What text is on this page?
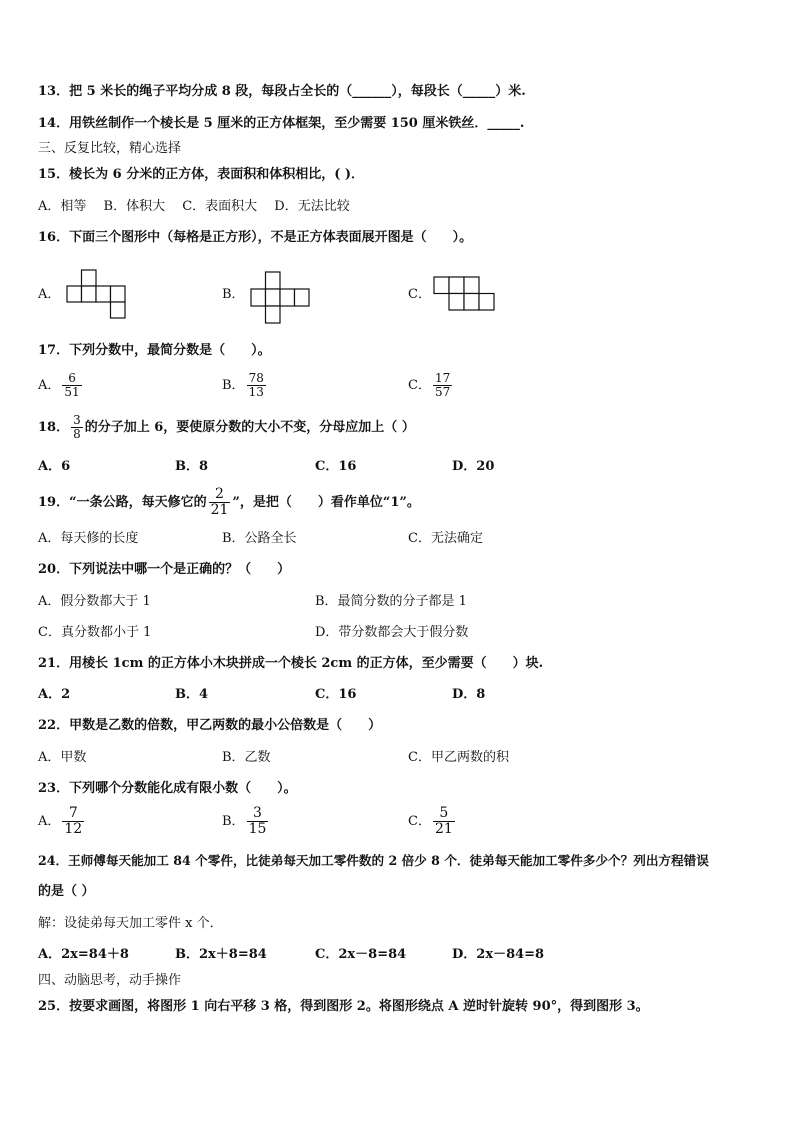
13．把 5 米长的绳子平均分成 8 段，每段占全长的（______），每段长（_____）米.
14．用铁丝制作一个棱长是 5 厘米的正方体框架，至少需要 150 厘米铁丝．_____.
三、反复比较，精心选择
15．棱长为 6 分米的正方体，表面积和体积相比，( )．
A．相等　 B．体积大　 C．表面积大　 D．无法比较
16．下面三个图形中（每格是正方形），不是正方体表面展开图是（　　）。
A．	B．	C．
17．下列分数中，最简分数是（　　）。
A． $\frac{6}{51}$	B． $\frac{78}{13}$	C． $\frac{17}{57}$
18． $\frac{3}{8}$ 的分子加上 6，要使原分数的大小不变，分母应加上（ ）
A．6	B．8	C．16	D．20
19．“一条公路，每天修它的 $\frac{2}{21}$ ”，是把（　　）看作单位“1”。
A．每天修的长度	B．公路全长	C．无法确定
20．下列说法中哪一个是正确的？（　　）
A．假分数都大于 1	B．最简分数的分子都是 1
C．真分数都小于 1	D．带分数都会大于假分数
21．用棱长 1cm 的正方体小木块拼成一个棱长 2cm 的正方体，至少需要（　　）块.
A．2	B．4	C．16	D．8
22．甲数是乙数的倍数，甲乙两数的最小公倍数是（　　）
A．甲数	B．乙数	C．甲乙两数的积
23．下列哪个分数能化成有限小数（　　）。
A． $\frac{7}{12}$	B． $\frac{3}{15}$	C． $\frac{5}{21}$
24．王师傅每天能加工 84 个零件，比徒弟每天加工零件数的 2 倍少 8 个．徒弟每天能加工零件多少个？列出方程错误
的是（ ）
解：设徒弟每天加工零件 x 个．
A．2x=84＋8	B．2x＋8=84	C．2x－8=84	D．2x－84=8
四、动脑思考，动手操作
25．按要求画图，将图形 1 向右平移 3 格，得到图形 2。将图形绕点 A 逆时针旋转 90°，得到图形 3。
